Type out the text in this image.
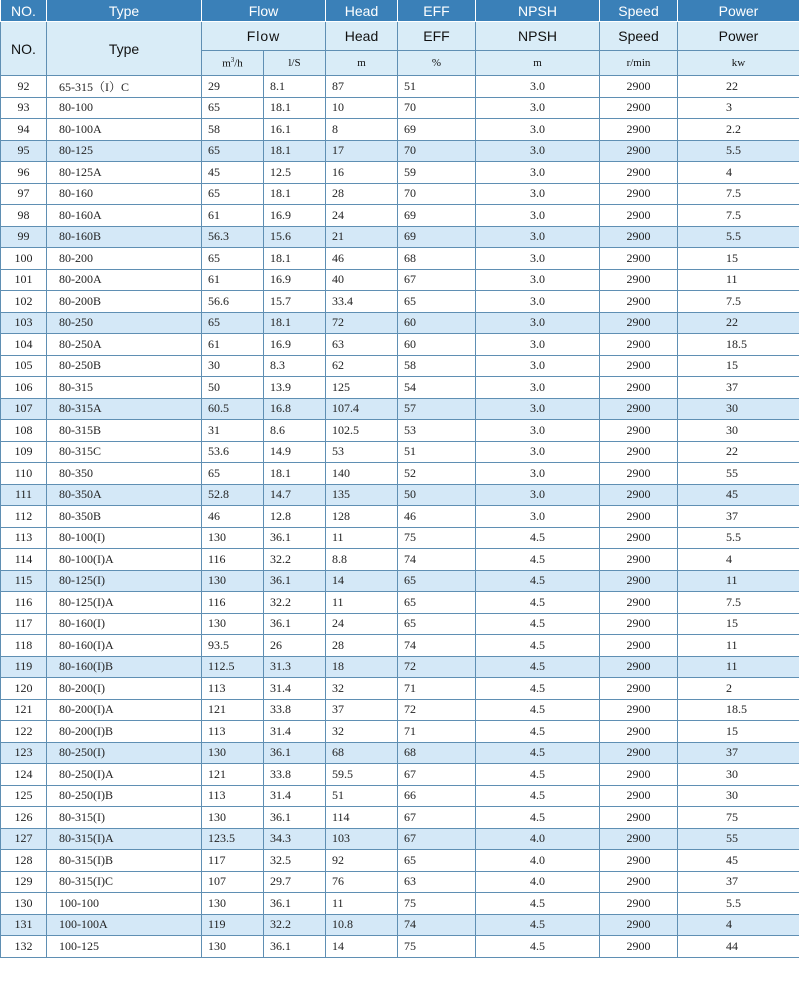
NO.	Type	Flow		Head	EFF	NPSH	Speed	Power
NO.	Type	Flow		Head	EFF	NPSH	Speed	Power
		$m^3/h$	l/S	m	%	m	r/min	kw
92	65-315（I）C	29	8.1	87	51	3.0	2900	22
93	80-100	65	18.1	10	70	3.0	2900	3
94	80-100A	58	16.1	8	69	3.0	2900	2.2
95	80-125	65	18.1	17	70	3.0	2900	5.5
96	80-125A	45	12.5	16	59	3.0	2900	4
97	80-160	65	18.1	28	70	3.0	2900	7.5
98	80-160A	61	16.9	24	69	3.0	2900	7.5
99	80-160B	56.3	15.6	21	69	3.0	2900	5.5
100	80-200	65	18.1	46	68	3.0	2900	15
101	80-200A	61	16.9	40	67	3.0	2900	11
102	80-200B	56.6	15.7	33.4	65	3.0	2900	7.5
103	80-250	65	18.1	72	60	3.0	2900	22
104	80-250A	61	16.9	63	60	3.0	2900	18.5
105	80-250B	30	8.3	62	58	3.0	2900	15
106	80-315	50	13.9	125	54	3.0	2900	37
107	80-315A	60.5	16.8	107.4	57	3.0	2900	30
108	80-315B	31	8.6	102.5	53	3.0	2900	30
109	80-315C	53.6	14.9	53	51	3.0	2900	22
110	80-350	65	18.1	140	52	3.0	2900	55
111	80-350A	52.8	14.7	135	50	3.0	2900	45
112	80-350B	46	12.8	128	46	3.0	2900	37
113	80-100(I)	130	36.1	11	75	4.5	2900	5.5
114	80-100(I)A	116	32.2	8.8	74	4.5	2900	4
115	80-125(I)	130	36.1	14	65	4.5	2900	11
116	80-125(I)A	116	32.2	11	65	4.5	2900	7.5
117	80-160(I)	130	36.1	24	65	4.5	2900	15
118	80-160(I)A	93.5	26	28	74	4.5	2900	11
119	80-160(I)B	112.5	31.3	18	72	4.5	2900	11
120	80-200(I)	113	31.4	32	71	4.5	2900	2
121	80-200(I)A	121	33.8	37	72	4.5	2900	18.5
122	80-200(I)B	113	31.4	32	71	4.5	2900	15
123	80-250(I)	130	36.1	68	68	4.5	2900	37
124	80-250(I)A	121	33.8	59.5	67	4.5	2900	30
125	80-250(I)B	113	31.4	51	66	4.5	2900	30
126	80-315(I)	130	36.1	114	67	4.5	2900	75
127	80-315(I)A	123.5	34.3	103	67	4.0	2900	55
128	80-315(I)B	117	32.5	92	65	4.0	2900	45
129	80-315(I)C	107	29.7	76	63	4.0	2900	37
130	100-100	130	36.1	11	75	4.5	2900	5.5
131	100-100A	119	32.2	10.8	74	4.5	2900	4
132	100-125	130	36.1	14	75	4.5	2900	44
